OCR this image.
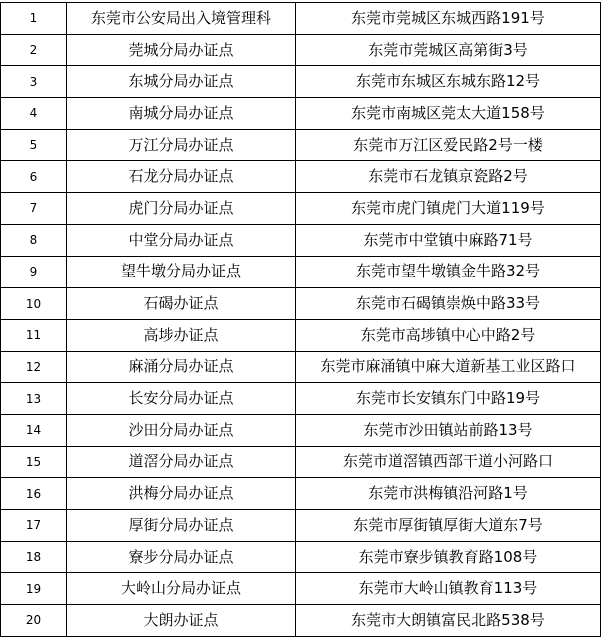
1	东莞市公安局出入境管理科	东莞市莞城区东城西路191号
2	莞城分局办证点	东莞市莞城区高第街3号
3	东城分局办证点	东莞市东城区东城东路12号
4	南城分局办证点	东莞市南城区莞太大道158号
5	万江分局办证点	东莞市万江区爱民路2号一楼
6	石龙分局办证点	东莞市石龙镇京瓷路2号
7	虎门分局办证点	东莞市虎门镇虎门大道119号
8	中堂分局办证点	东莞市中堂镇中麻路71号
9	望牛墩分局办证点	东莞市望牛墩镇金牛路32号
10	石碣办证点	东莞市石碣镇崇焕中路33号
11	高埗办证点	东莞市高埗镇中心中路2号
12	麻涌分局办证点	东莞市麻涌镇中麻大道新基工业区路口
13	长安分局办证点	东莞市长安镇东门中路19号
14	沙田分局办证点	东莞市沙田镇站前路13号
15	道滘分局办证点	东莞市道滘镇西部干道小河路口
16	洪梅分局办证点	东莞市洪梅镇沿河路1号
17	厚街分局办证点	东莞市厚街镇厚街大道东7号
18	寮步分局办证点	东莞市寮步镇教育路108号
19	大岭山分局办证点	东莞市大岭山镇教育113号
20	大朗办证点	东莞市大朗镇富民北路538号
